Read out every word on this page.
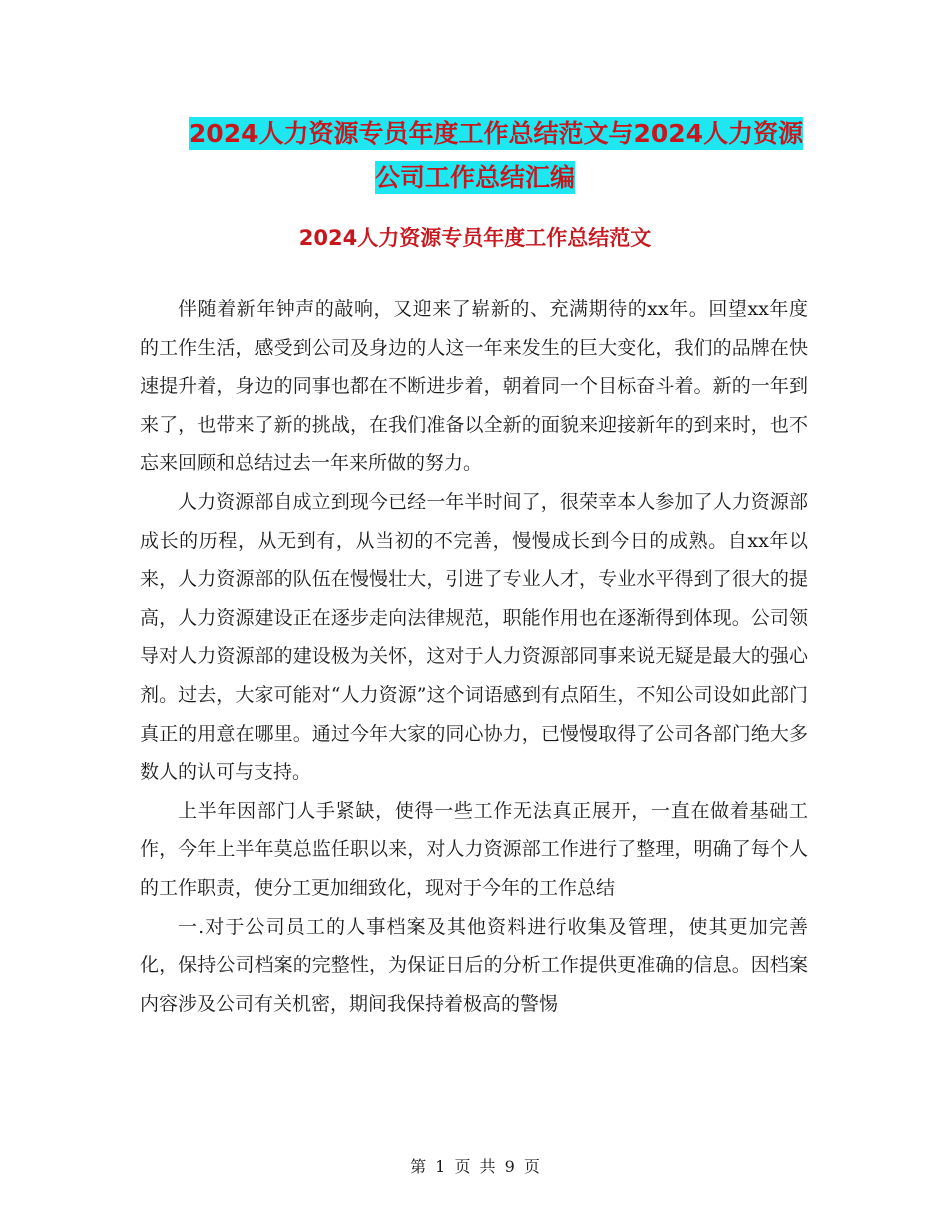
2024人力资源专员年度工作总结范文与2024人力资源
公司工作总结汇编
2024人力资源专员年度工作总结范文

伴随着新年钟声的敲响，又迎来了崭新的、充满期待的xx年。回望xx年度的工作生活，感受到公司及身边的人这一年来发生的巨大变化，我们的品牌在快速提升着，身边的同事也都在不断进步着，朝着同一个目标奋斗着。新的一年到来了，也带来了新的挑战，在我们准备以全新的面貌来迎接新年的到来时，也不忘来回顾和总结过去一年来所做的努力。

人力资源部自成立到现今已经一年半时间了，很荣幸本人参加了人力资源部成长的历程，从无到有，从当初的不完善，慢慢成长到今日的成熟。自xx年以来，人力资源部的队伍在慢慢壮大，引进了专业人才，专业水平得到了很大的提高，人力资源建设正在逐步走向法律规范，职能作用也在逐渐得到体现。公司领导对人力资源部的建设极为关怀，这对于人力资源部同事来说无疑是最大的强心剂。过去，大家可能对“人力资源”这个词语感到有点陌生，不知公司设如此部门真正的用意在哪里。通过今年大家的同心协力，已慢慢取得了公司各部门绝大多数人的认可与支持。

上半年因部门人手紧缺，使得一些工作无法真正展开，一直在做着基础工作，今年上半年莫总监任职以来，对人力资源部工作进行了整理，明确了每个人的工作职责，使分工更加细致化，现对于今年的工作总结

一.对于公司员工的人事档案及其他资料进行收集及管理，使其更加完善化，保持公司档案的完整性，为保证日后的分析工作提供更准确的信息。因档案内容涉及公司有关机密，期间我保持着极高的警惕

第 1 页 共 9 页
